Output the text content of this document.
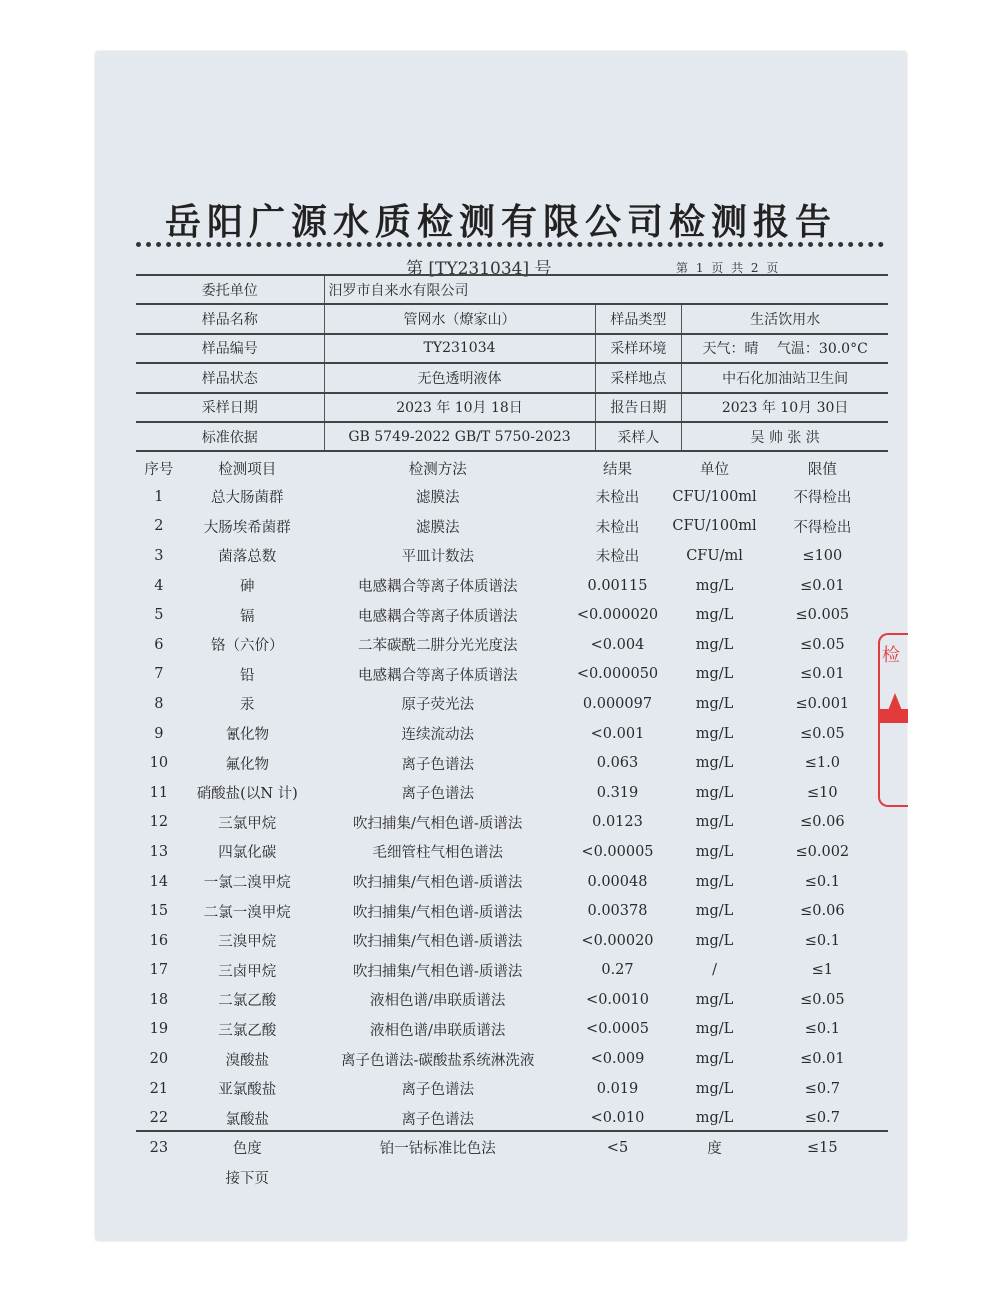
岳阳广源水质检测有限公司检测报告
第 [TY231034] 号	第 1 页 共 2 页
委托单位	汨罗市自来水有限公司		
样品名称	管网水（燎家山）	样品类型	生活饮用水
样品编号	TY231034	采样环境	天气：晴　 气温：30.0°C
样品状态	无色透明液体	采样地点	中石化加油站卫生间
采样日期	2023 年 10月 18日	报告日期	2023 年 10月 30日
标准依据	GB 5749-2022 GB/T 5750-2023	采样人	吴 帅 张 洪
序号	检测项目	检测方法	结果	单位	限值
1	总大肠菌群	滤膜法	未检出	CFU/100ml	不得检出
2	大肠埃希菌群	滤膜法	未检出	CFU/100ml	不得检出
3	菌落总数	平皿计数法	未检出	CFU/ml	≤100
4	砷	电感耦合等离子体质谱法	0.00115	mg/L	≤0.01
5	镉	电感耦合等离子体质谱法	<0.000020	mg/L	≤0.005
6	铬（六价）	二苯碳酰二肼分光光度法	<0.004	mg/L	≤0.05
7	铅	电感耦合等离子体质谱法	<0.000050	mg/L	≤0.01
8	汞	原子荧光法	0.000097	mg/L	≤0.001
9	氰化物	连续流动法	<0.001	mg/L	≤0.05
10	氟化物	离子色谱法	0.063	mg/L	≤1.0
11	硝酸盐(以N 计)	离子色谱法	0.319	mg/L	≤10
12	三氯甲烷	吹扫捕集/气相色谱-质谱法	0.0123	mg/L	≤0.06
13	四氯化碳	毛细管柱气相色谱法	<0.00005	mg/L	≤0.002
14	一氯二溴甲烷	吹扫捕集/气相色谱-质谱法	0.00048	mg/L	≤0.1
15	二氯一溴甲烷	吹扫捕集/气相色谱-质谱法	0.00378	mg/L	≤0.06
16	三溴甲烷	吹扫捕集/气相色谱-质谱法	<0.00020	mg/L	≤0.1
17	三卤甲烷	吹扫捕集/气相色谱-质谱法	0.27	/	≤1
18	二氯乙酸	液相色谱/串联质谱法	<0.0010	mg/L	≤0.05
19	三氯乙酸	液相色谱/串联质谱法	<0.0005	mg/L	≤0.1
20	溴酸盐	离子色谱法-碳酸盐系统淋洗液	<0.009	mg/L	≤0.01
21	亚氯酸盐	离子色谱法	0.019	mg/L	≤0.7
22	氯酸盐	离子色谱法	<0.010	mg/L	≤0.7
23	色度	铂一钴标准比色法	<5	度	≤15
	接下页				
检
